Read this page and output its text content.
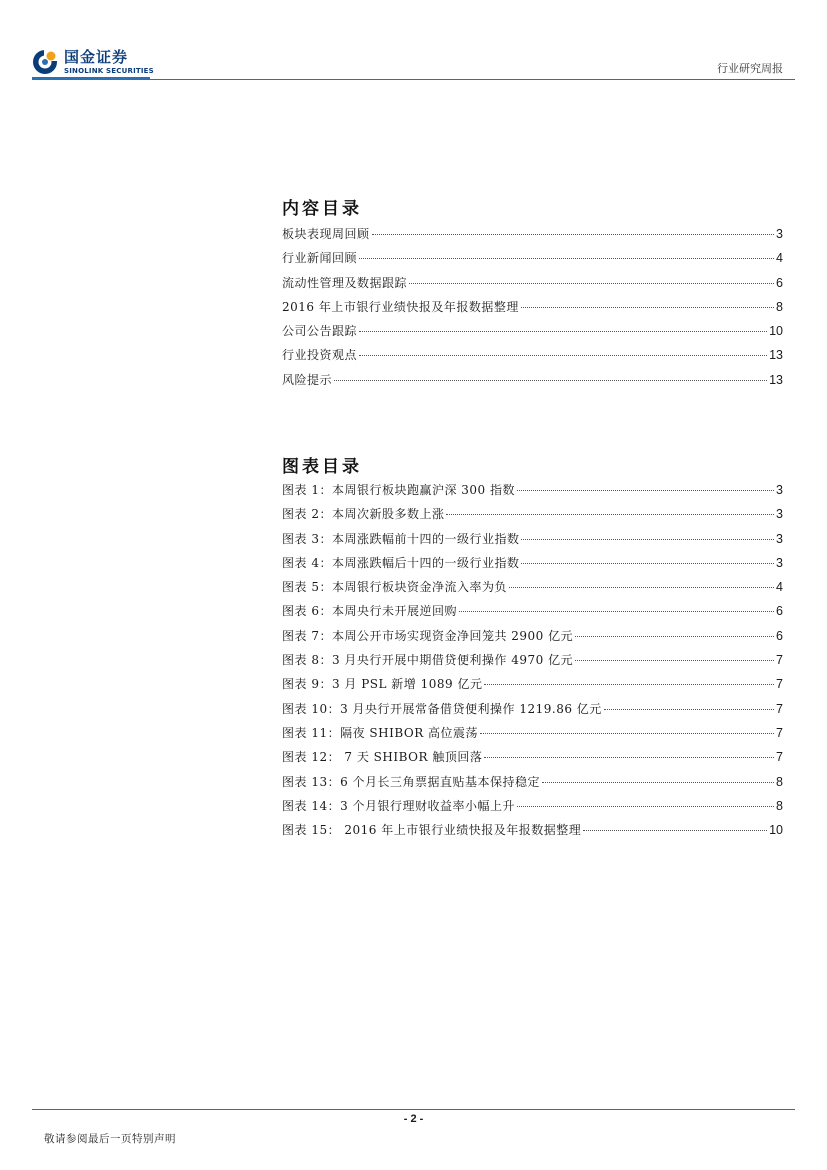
国金证券
SINOLINK SECURITIES	行业研究周报
内容目录
板块表现周回顾	3
行业新闻回顾	4
流动性管理及数据跟踪	6
2016 年上市银行业绩快报及年报数据整理	8
公司公告跟踪	10
行业投资观点	13
风险提示	13
图表目录
图表 1：本周银行板块跑赢沪深 300 指数	3
图表 2：本周次新股多数上涨	3
图表 3：本周涨跌幅前十四的一级行业指数	3
图表 4：本周涨跌幅后十四的一级行业指数	3
图表 5：本周银行板块资金净流入率为负	4
图表 6：本周央行未开展逆回购	6
图表 7：本周公开市场实现资金净回笼共 2900 亿元	6
图表 8：3 月央行开展中期借贷便利操作 4970 亿元	7
图表 9：3 月 PSL 新增 1089 亿元	7
图表 10：3 月央行开展常备借贷便利操作 1219.86 亿元	7
图表 11：隔夜 SHIBOR 高位震荡	7
图表 12： 7 天 SHIBOR 触顶回落	7
图表 13：6 个月长三角票据直贴基本保持稳定	8
图表 14：3 个月银行理财收益率小幅上升	8
图表 15： 2016 年上市银行业绩快报及年报数据整理	10
- 2 -
敬请参阅最后一页特别声明
